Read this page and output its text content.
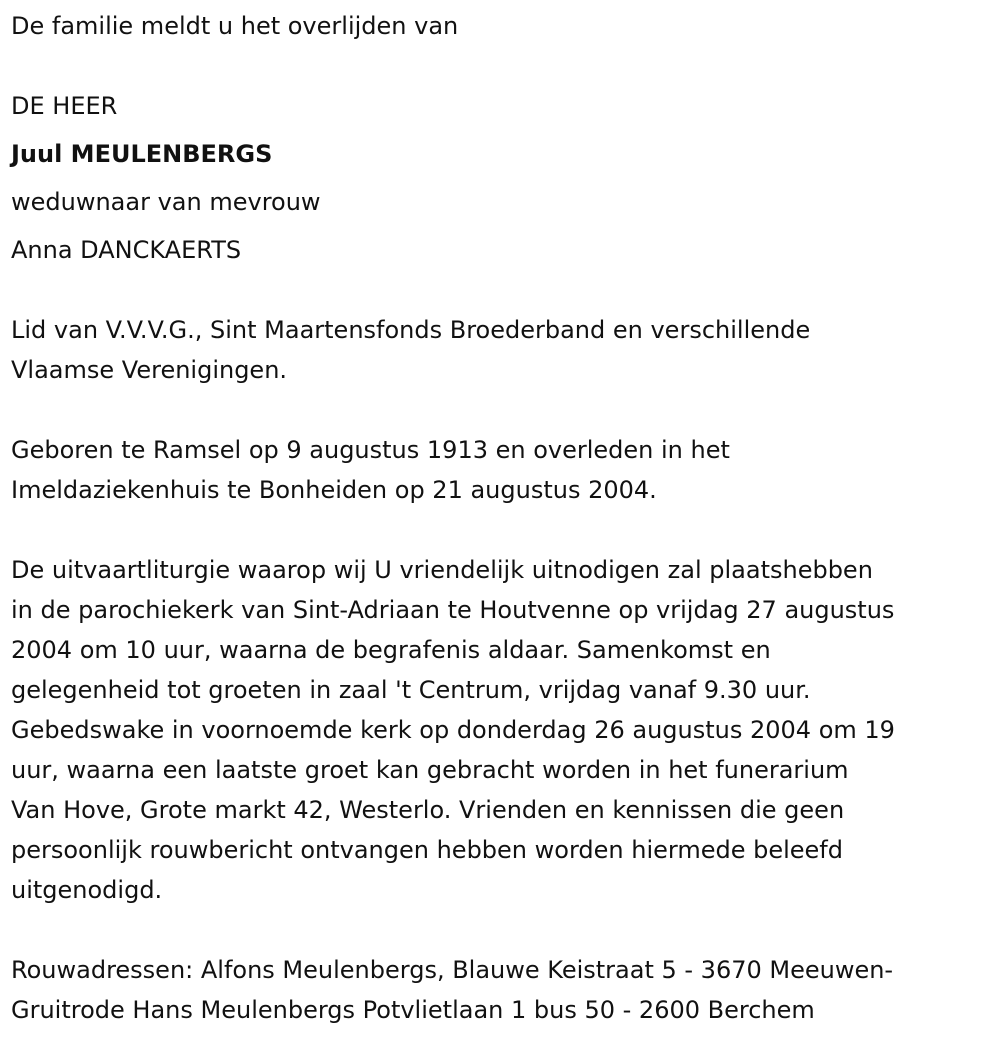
De familie meldt u het overlijden van
DE HEER
Juul MEULENBERGS
weduwnaar van mevrouw
Anna DANCKAERTS
Lid van V.V.V.G., Sint Maartensfonds Broederband en verschillende
Vlaamse Verenigingen.
Geboren te Ramsel op 9 augustus 1913 en overleden in het
Imeldaziekenhuis te Bonheiden op 21 augustus 2004.
De uitvaartliturgie waarop wij U vriendelijk uitnodigen zal plaatshebben
in de parochiekerk van Sint-Adriaan te Houtvenne op vrijdag 27 augustus
2004 om 10 uur, waarna de begrafenis aldaar. Samenkomst en
gelegenheid tot groeten in zaal 't Centrum, vrijdag vanaf 9.30 uur.
Gebedswake in voornoemde kerk op donderdag 26 augustus 2004 om 19
uur, waarna een laatste groet kan gebracht worden in het funerarium
Van Hove, Grote markt 42, Westerlo. Vrienden en kennissen die geen
persoonlijk rouwbericht ontvangen hebben worden hiermede beleefd
uitgenodigd.
Rouwadressen: Alfons Meulenbergs, Blauwe Keistraat 5 - 3670 Meeuwen-
Gruitrode Hans Meulenbergs Potvlietlaan 1 bus 50 - 2600 Berchem
